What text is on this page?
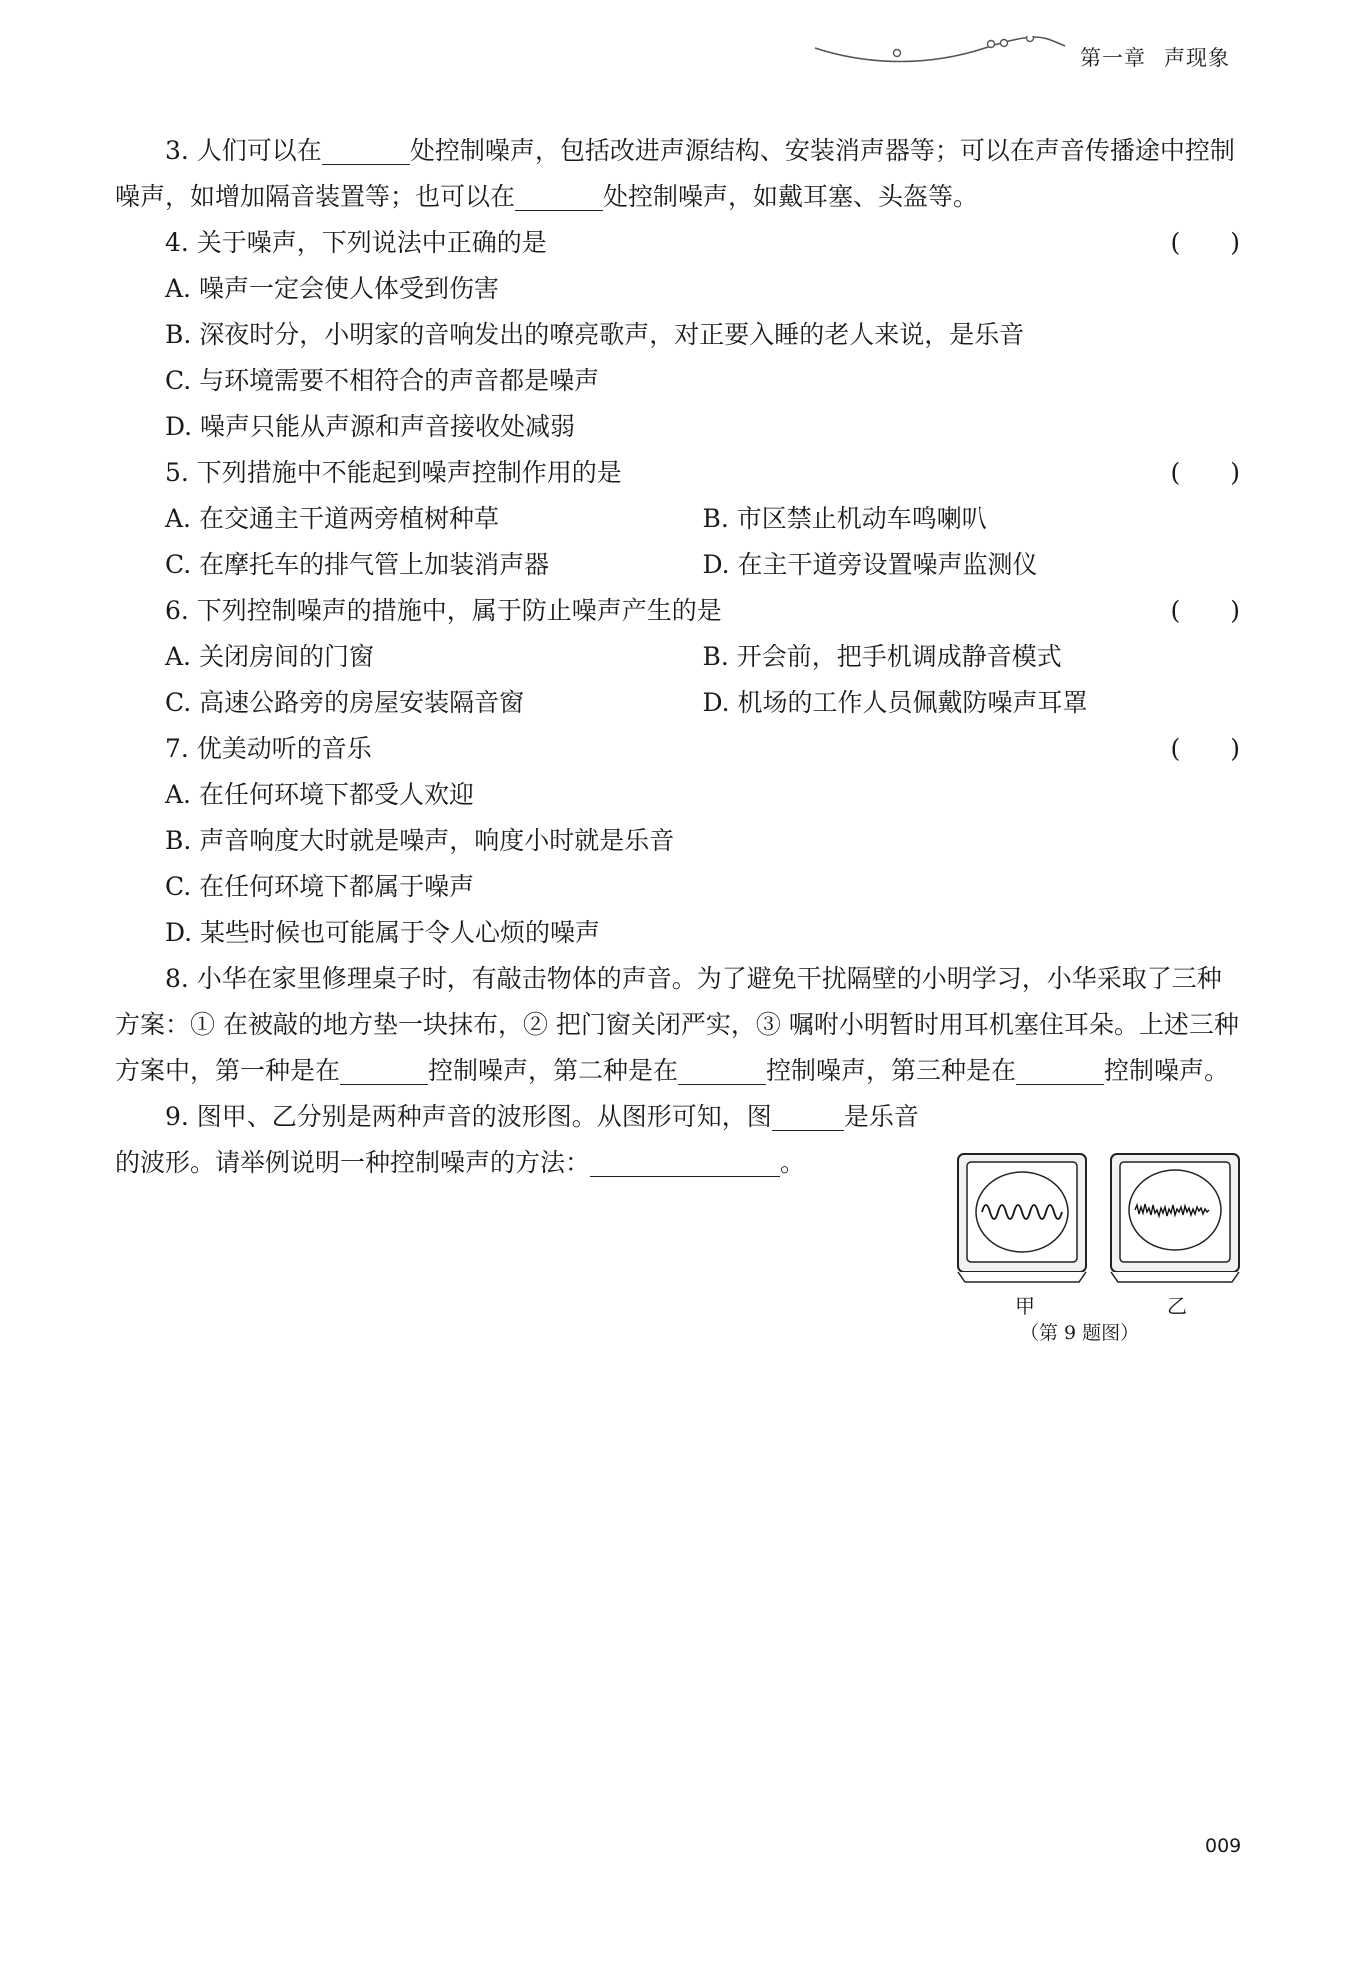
第一章 声现象
3. 人们可以在	处控制噪声，包括改进声源结构、安装消声器等；可以在声音传播途中控制噪声，如增加隔音装置等；也可以在	处控制噪声，如戴耳塞、头盔等。
4. 关于噪声，下列说法中正确的是	(　　)
A. 噪声一定会使人体受到伤害
B. 深夜时分，小明家的音响发出的嘹亮歌声，对正要入睡的老人来说，是乐音
C. 与环境需要不相符合的声音都是噪声
D. 噪声只能从声源和声音接收处减弱
5. 下列措施中不能起到噪声控制作用的是	(　　)
A. 在交通主干道两旁植树种草	B. 市区禁止机动车鸣喇叭
C. 在摩托车的排气管上加装消声器	D. 在主干道旁设置噪声监测仪
6. 下列控制噪声的措施中，属于防止噪声产生的是	(　　)
A. 关闭房间的门窗	B. 开会前，把手机调成静音模式
C. 高速公路旁的房屋安装隔音窗	D. 机场的工作人员佩戴防噪声耳罩
7. 优美动听的音乐	(　　)
A. 在任何环境下都受人欢迎
B. 声音响度大时就是噪声，响度小时就是乐音
C. 在任何环境下都属于噪声
D. 某些时候也可能属于令人心烦的噪声
8. 小华在家里修理桌子时，有敲击物体的声音。为了避免干扰隔壁的小明学习，小华采取了三种方案：① 在被敲的地方垫一块抹布，② 把门窗关闭严实，③ 嘱咐小明暂时用耳机塞住耳朵。上述三种方案中，第一种是在	控制噪声，第二种是在	控制噪声，第三种是在	控制噪声。
9. 图甲、乙分别是两种声音的波形图。从图形可知，图	是乐音的波形。请举例说明一种控制噪声的方法：	。
甲	乙
（第 9 题图）
009
